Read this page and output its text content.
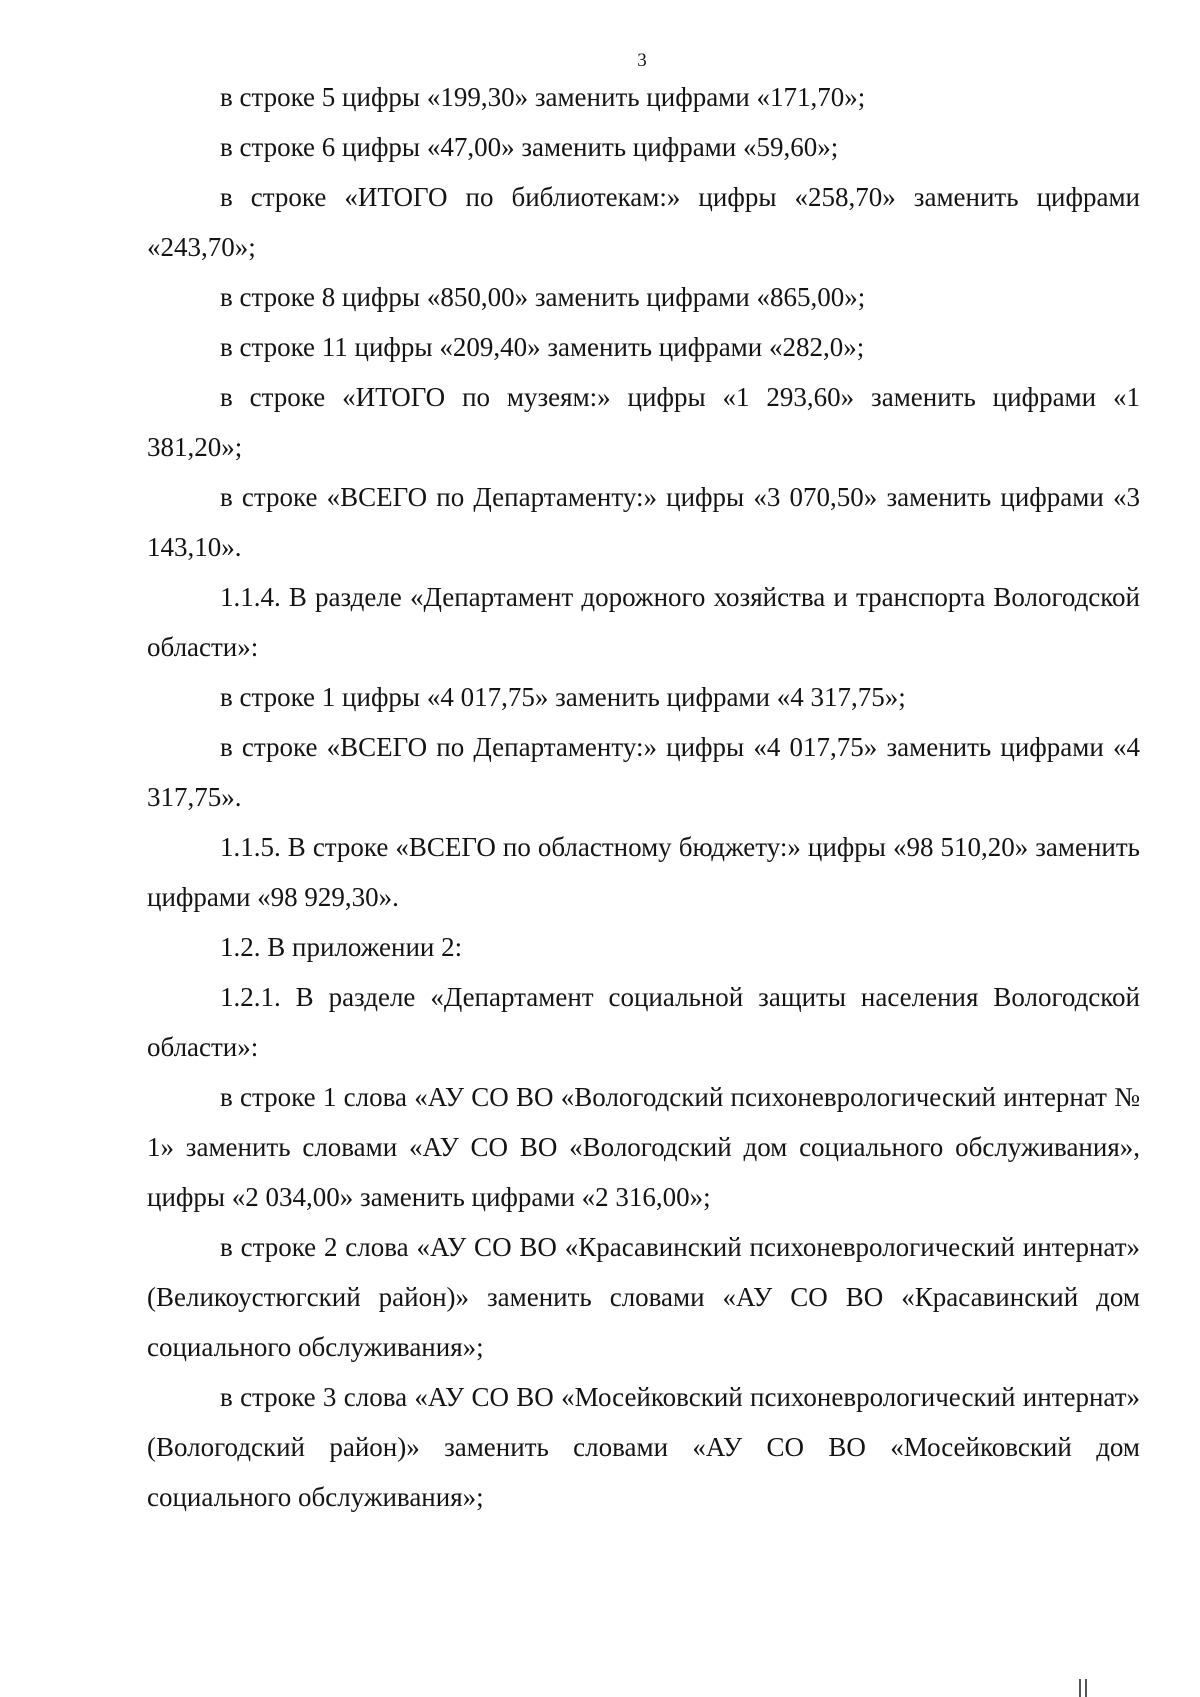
3

в строке 5 цифры «199,30» заменить цифрами «171,70»;

в строке 6 цифры «47,00» заменить цифрами «59,60»;

в строке «ИТОГО по библиотекам:» цифры «258,70» заменить цифрами «243,70»;

в строке 8 цифры «850,00» заменить цифрами «865,00»;

в строке 11 цифры «209,40» заменить цифрами «282,0»;

в строке «ИТОГО по музеям:» цифры «1 293,60» заменить цифрами «1 381,20»;

в строке «ВСЕГО по Департаменту:» цифры «3 070,50» заменить цифрами «3 143,10».

1.1.4. В разделе «Департамент дорожного хозяйства и транспорта Вологодской области»:

в строке 1 цифры «4 017,75» заменить цифрами «4 317,75»;

в строке «ВСЕГО по Департаменту:» цифры «4 017,75» заменить цифрами «4 317,75».

1.1.5. В строке «ВСЕГО по областному бюджету:» цифры «98 510,20» заменить цифрами «98 929,30».

1.2. В приложении 2:

1.2.1. В разделе «Департамент социальной защиты населения Вологодской области»:

в строке 1 слова «АУ СО ВО «Вологодский психоневрологический интернат № 1» заменить словами «АУ СО ВО «Вологодский дом социального обслуживания», цифры «2 034,00» заменить цифрами «2 316,00»;

в строке 2 слова «АУ СО ВО «Красавинский психоневрологический интернат» (Великоустюгский район)» заменить словами «АУ СО ВО «Красавинский дом социального обслуживания»;

в строке 3 слова «АУ СО ВО «Мосейковский психоневрологический интернат» (Вологодский район)» заменить словами «АУ СО ВО «Мосейковский дом социального обслуживания»;
